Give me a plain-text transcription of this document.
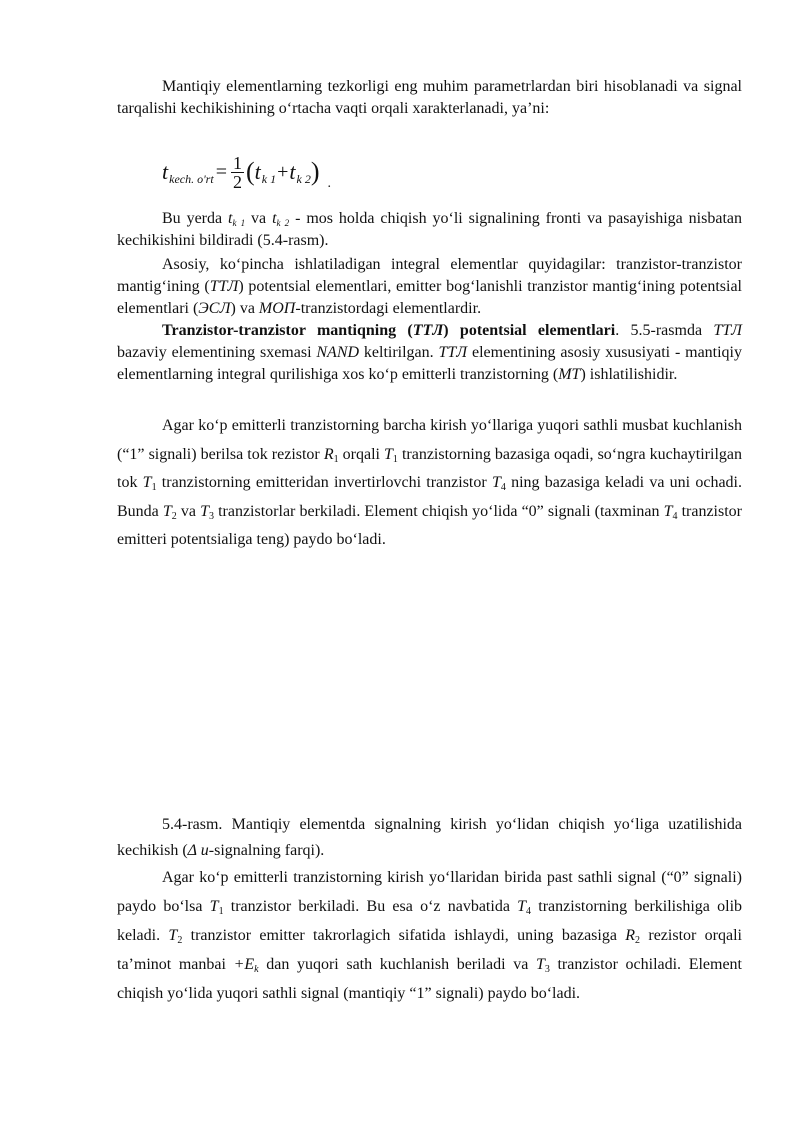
Mantiqiy elementlarning tezkorligi eng muhim parametrlardan biri hisoblanadi va signal tarqalishi kechikishining o‘rtacha vaqti orqali xarakterlanadi, ya’ni:

t kech. $o'rt = \frac{1}{2}$ ( t k 1 + t k 2 ) .

Bu yerda $t_{k 1}$ va $t_{k 2}$ - mos holda chiqish yo‘li signalining fronti va pasayishiga nisbatan kechikishini bildiradi (5.4-rasm).

Asosiy, ko‘pincha ishlatiladigan integral elementlar quyidagilar: tranzistor-tranzistor mantig‘ining (ТТЛ) potentsial elementlari, emitter bog‘lanishli tranzistor mantig‘ining potentsial elementlari (ЭСЛ) va МОП-tranzistordagi elementlardir.

Tranzistor-tranzistor mantiqning (ТТЛ) potentsial elementlari. 5.5-rasmda ТТЛ bazaviy elementining sxemasi NAND keltirilgan. ТТЛ elementining asosiy xususiyati - mantiqiy elementlarning integral qurilishiga xos ko‘p emitterli tranzistorning (МТ) ishlatilishidir.

Agar ko‘p emitterli tranzistorning barcha kirish yo‘llariga yuqori sathli musbat kuchlanish (“1” signali) berilsa tok rezistor $R_1$ orqali $T_1$ tranzistorning bazasiga oqadi, so‘ngra kuchaytirilgan tok $T_1$ tranzistorning emitteridan invertirlovchi tranzistor $T_4$ ning bazasiga keladi va uni ochadi. Bunda $T_2$ va $T_3$ tranzistorlar berkiladi. Element chiqish yo‘lida “0” signali (taxminan $T_4$ tranzistor emitteri potentsialiga teng) paydo bo‘ladi.

5.4-rasm. Mantiqiy elementda signalning kirish yo‘lidan chiqish yo‘liga uzatilishida kechikish (Δ u-signalning farqi).

Agar ko‘p emitterli tranzistorning kirish yo‘llaridan birida past sathli signal (“0” signali) paydo bo‘lsa $T_1$ tranzistor berkiladi. Bu esa o‘z navbatida $T_4$ tranzistorning berkilishiga olib keladi. $T_2$ tranzistor emitter takrorlagich sifatida ishlaydi, uning bazasiga $R_2$ rezistor orqali ta’minot manbai $+E_k$ dan yuqori sath kuchlanish beriladi va $T_3$ tranzistor ochiladi. Element chiqish yo‘lida yuqori sathli signal (mantiqiy “1” signali) paydo bo‘ladi.
